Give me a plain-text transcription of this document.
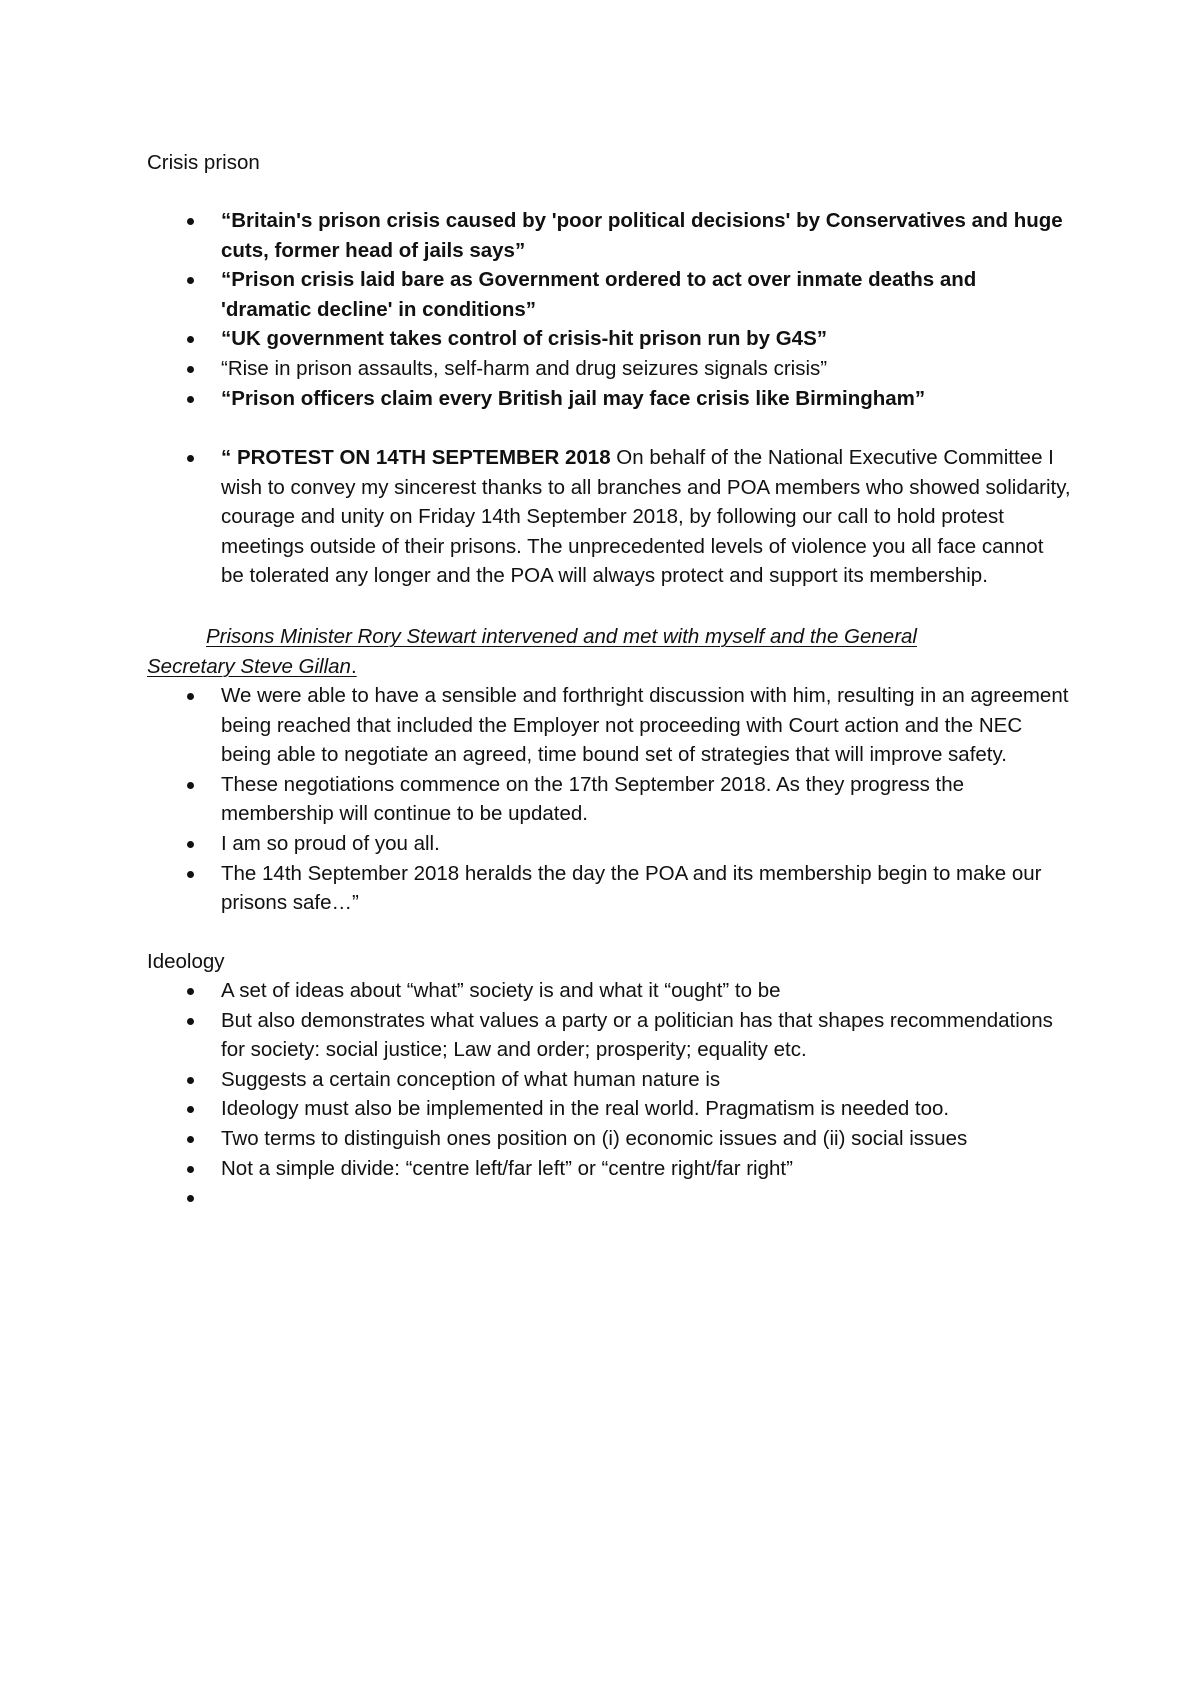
Crisis prison
“Britain's prison crisis caused by 'poor political decisions' by Conservatives and huge cuts, former head of jails says”
“Prison crisis laid bare as Government ordered to act over inmate deaths and 'dramatic decline' in conditions”
“UK government takes control of crisis-hit prison run by G4S”
“Rise in prison assaults, self-harm and drug seizures signals crisis”
“Prison officers claim every British jail may face crisis like Birmingham”
“ PROTEST ON 14TH SEPTEMBER 2018 On behalf of the National Executive Committee I wish to convey my sincerest thanks to all branches and POA members who showed solidarity, courage and unity on Friday 14th September 2018, by following our call to hold protest meetings outside of their prisons. The unprecedented levels of violence you all face cannot be tolerated any longer and the POA will always protect and support its membership.

Prisons Minister Rory Stewart intervened and met with myself and the General Secretary Steve Gillan.

We were able to have a sensible and forthright discussion with him, resulting in an agreement being reached that included the Employer not proceeding with Court action and the NEC being able to negotiate an agreed, time bound set of strategies that will improve safety.
These negotiations commence on the 17th September 2018. As they progress the membership will continue to be updated.
I am so proud of you all.
The 14th September 2018 heralds the day the POA and its membership begin to make our prisons safe…”
Ideology
A set of ideas about “what” society is and what it “ought” to be
But also demonstrates what values a party or a politician has that shapes recommendations for society: social justice; Law and order; prosperity; equality etc.
Suggests a certain conception of what human nature is
Ideology must also be implemented in the real world. Pragmatism is needed too.
Two terms to distinguish ones position on (i) economic issues and (ii) social issues
Not a simple divide: “centre left/far left” or “centre right/far right”
